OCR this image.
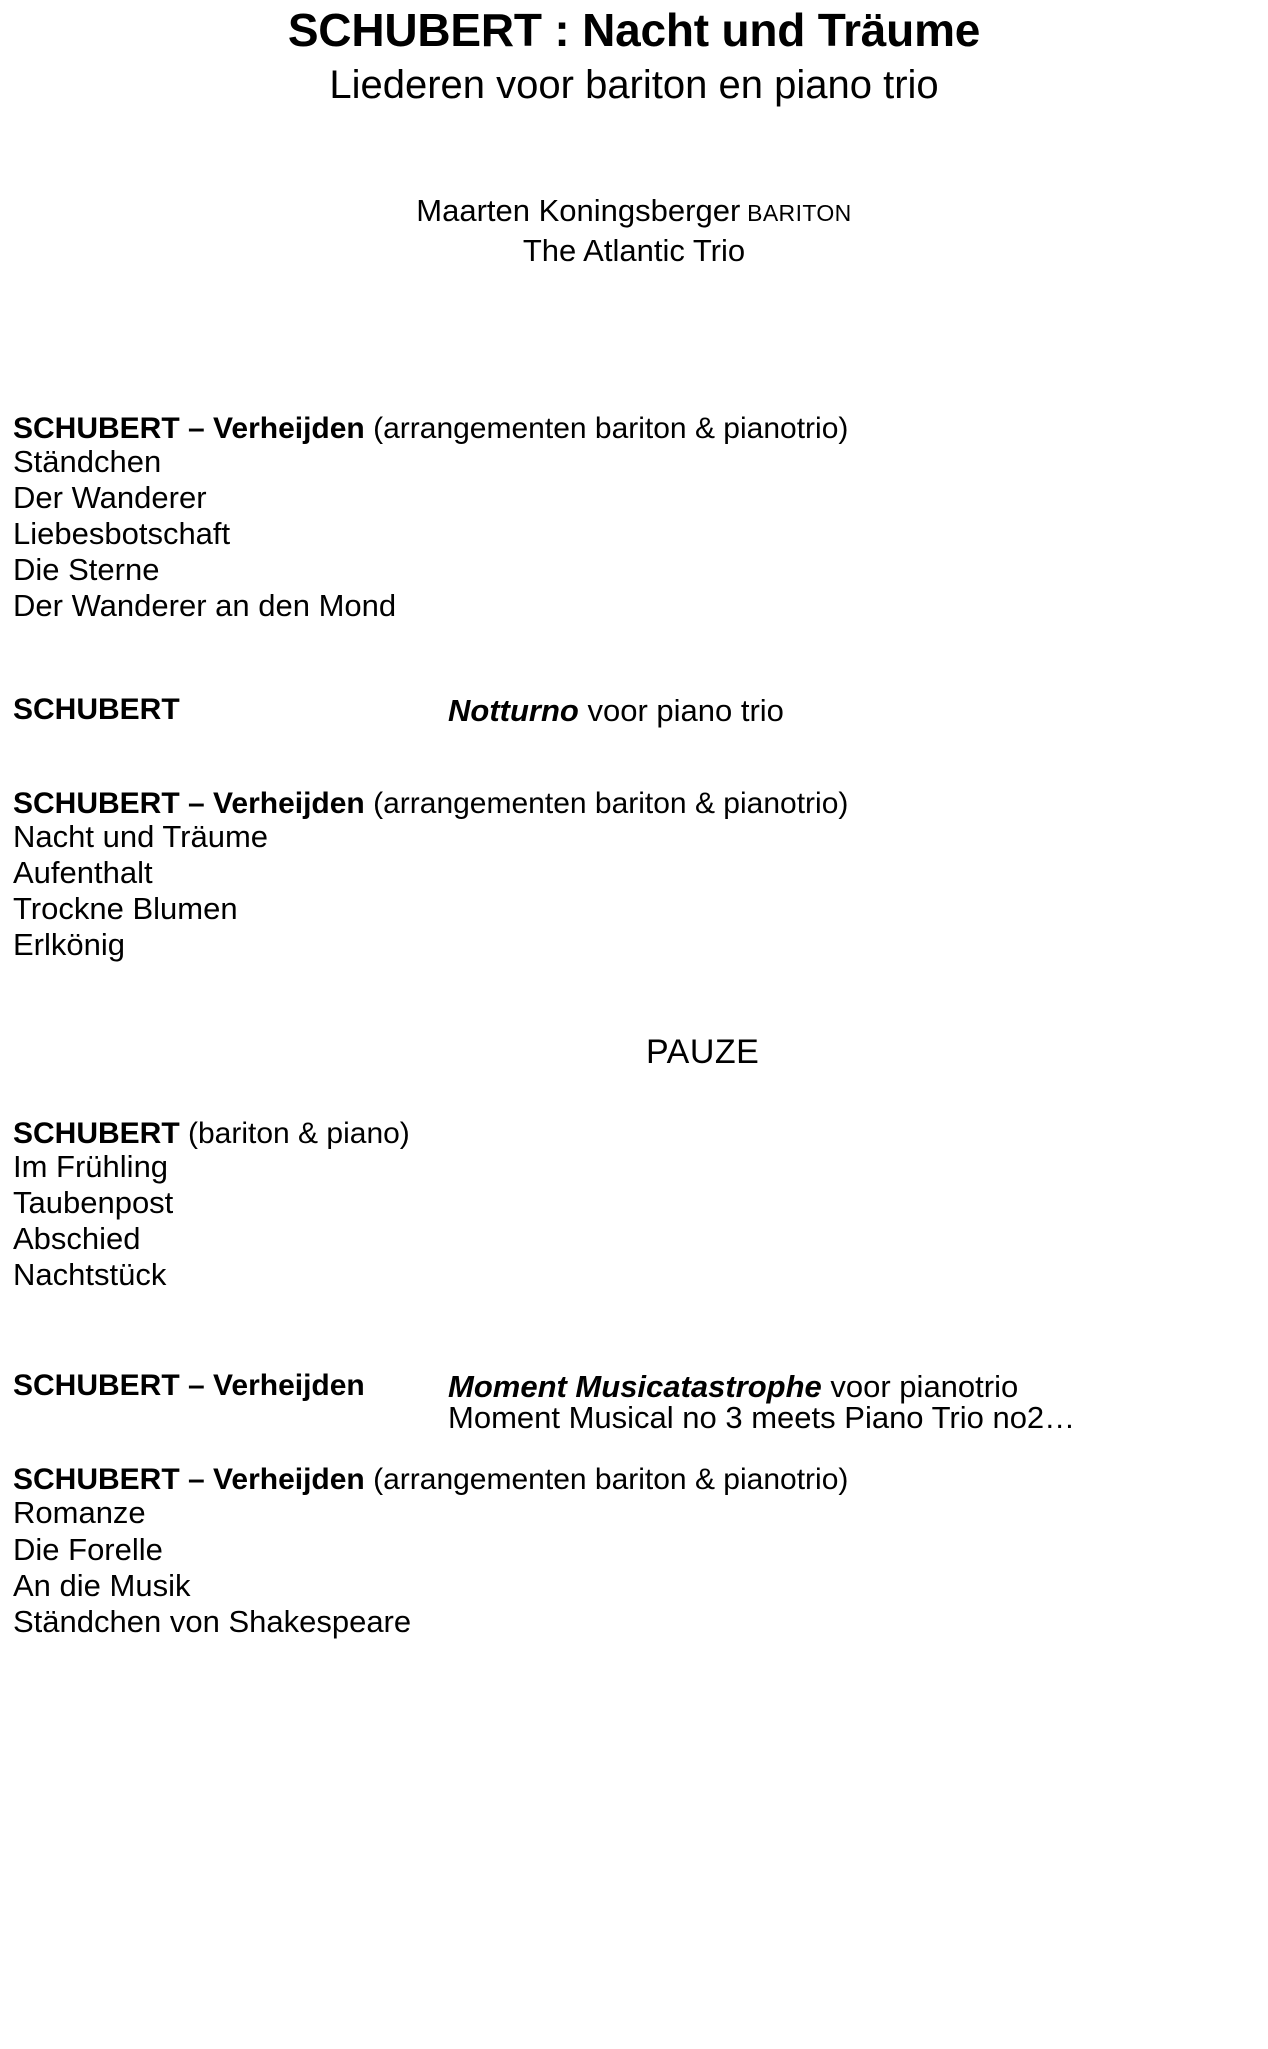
SCHUBERT : Nacht und Träume
Liederen voor bariton en piano trio
Maarten Koningsberger BARITON
The Atlantic Trio
SCHUBERT – Verheijden (arrangementen bariton & pianotrio)
Ständchen
Der Wanderer
Liebesbotschaft
Die Sterne
Der Wanderer an den Mond
SCHUBERT	Notturno voor piano trio
SCHUBERT – Verheijden (arrangementen bariton & pianotrio)
Nacht und Träume
Aufenthalt
Trockne Blumen
Erlkönig
PAUZE
SCHUBERT (bariton & piano)
Im Frühling
Taubenpost
Abschied
Nachtstück
SCHUBERT – Verheijden	Moment Musicatastrophe voor pianotrio
Moment Musical no 3 meets Piano Trio no2…
SCHUBERT – Verheijden (arrangementen bariton & pianotrio)
Romanze
Die Forelle
An die Musik
Ständchen von Shakespeare
